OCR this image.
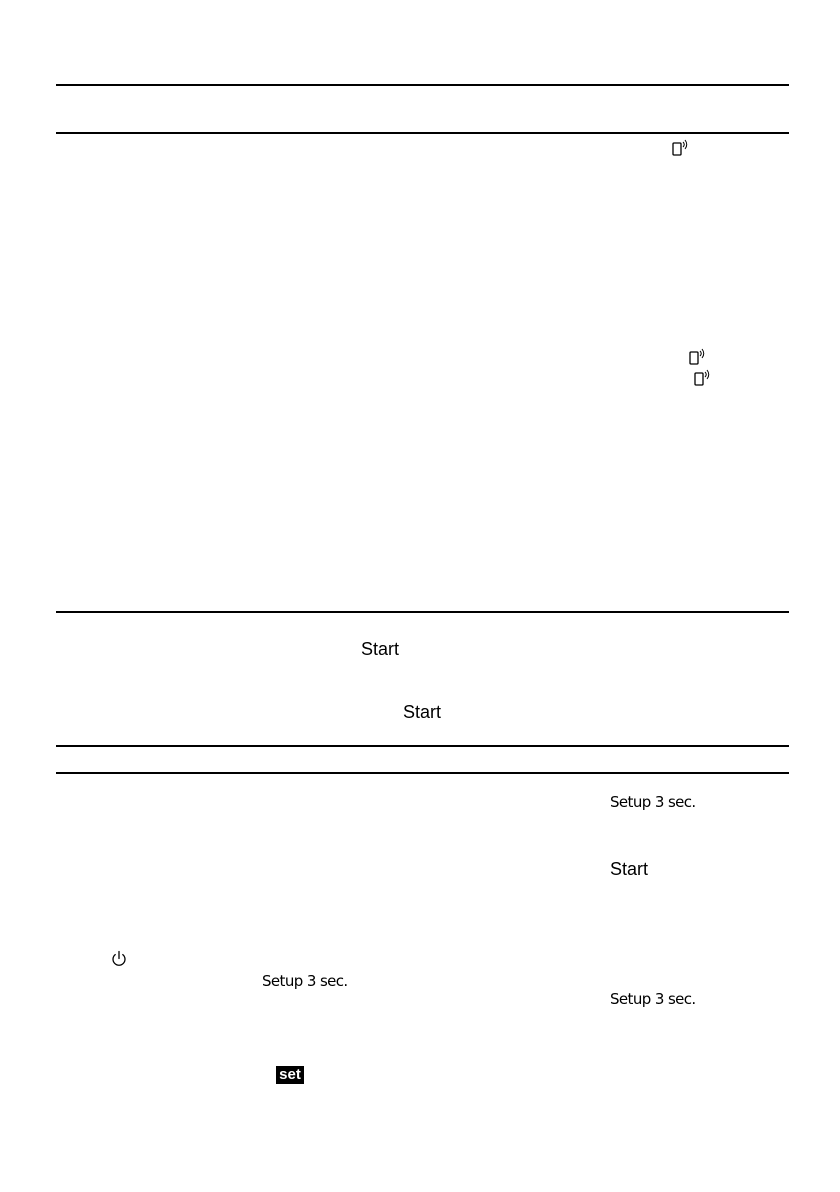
Start
Start
Start
Setup 3 sec.
Setup 3 sec.
Setup 3 sec.
set
